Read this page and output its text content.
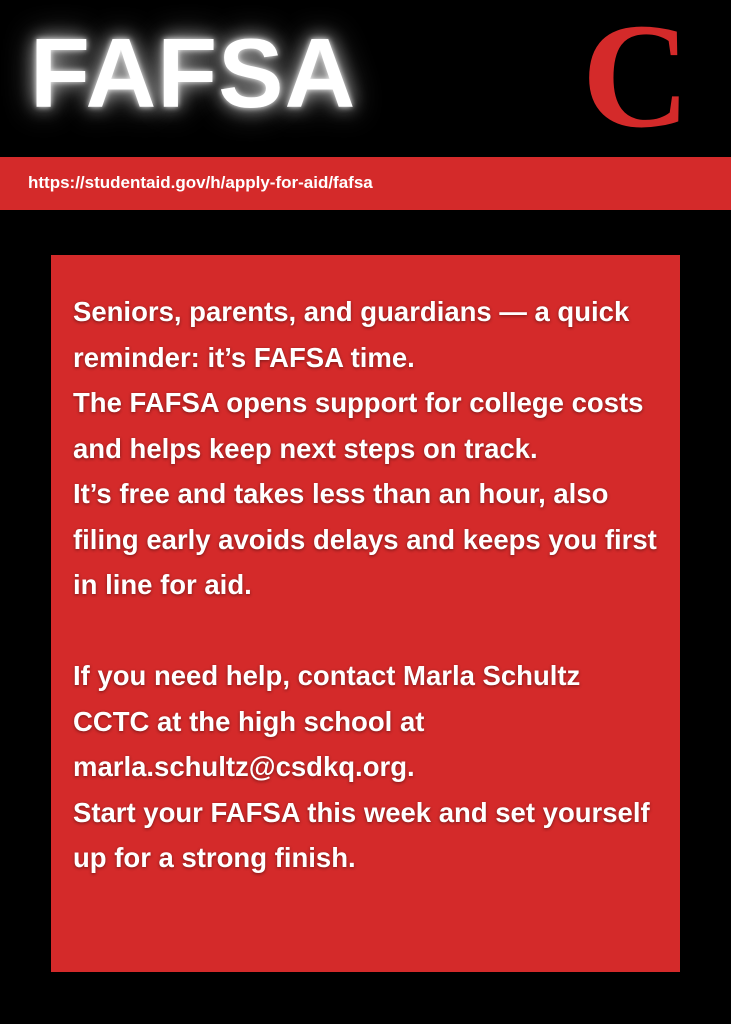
FAFSA C
https://studentaid.gov/h/apply-for-aid/fafsa

Seniors, parents, and guardians — a quick reminder: it’s FAFSA time.

The FAFSA opens support for college costs and helps keep next steps on track.

It’s free and takes less than an hour, also filing early avoids delays and keeps you first in line for aid.

If you need help, contact Marla Schultz CCTC at the high school at marla.schultz@csdkq.org.

Start your FAFSA this week and set yourself up for a strong finish.
